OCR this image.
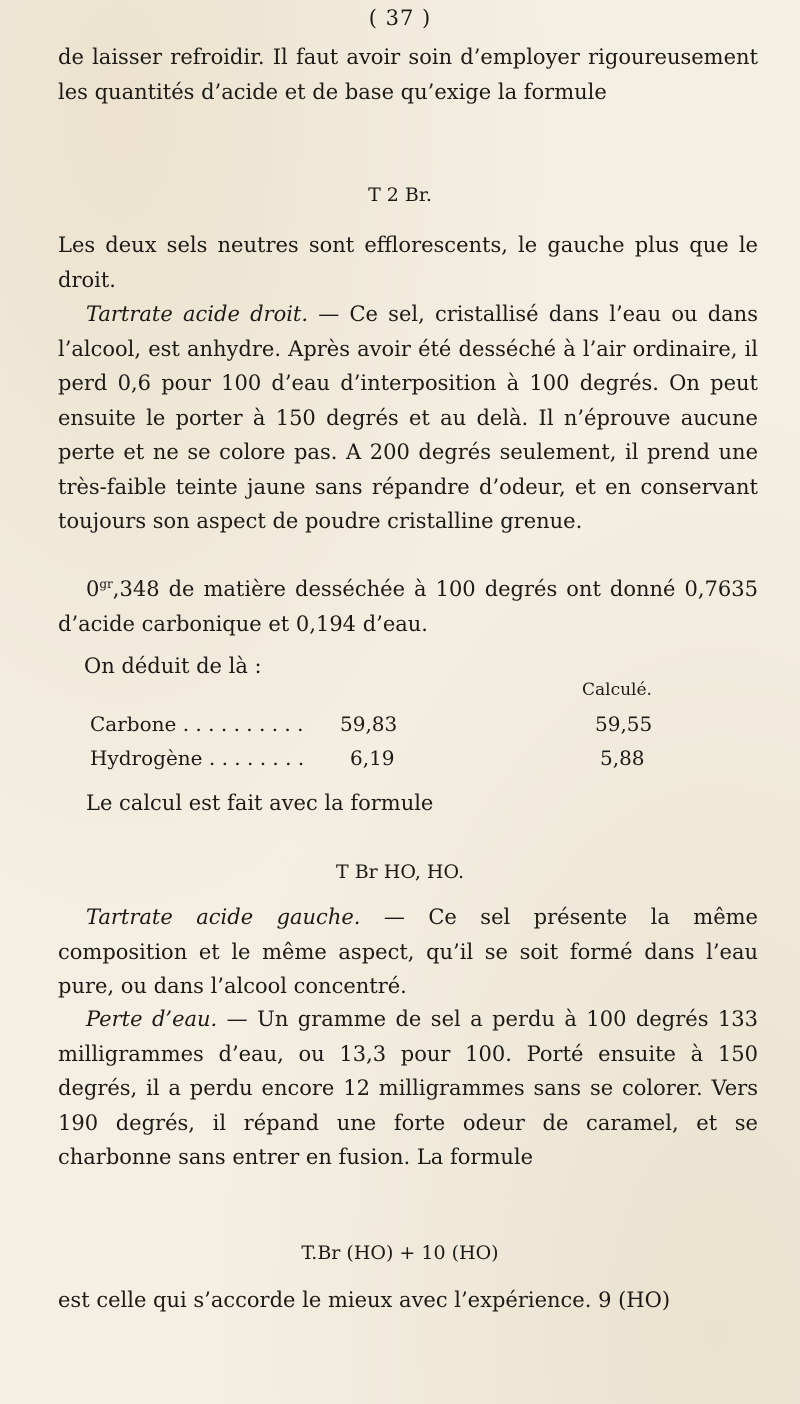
( 37 )

de laisser refroidir. Il faut avoir soin d’employer rigoureusement les quantités d’acide et de base qu’exige la formule

T 2 Br.

Les deux sels neutres sont efflorescents, le gauche plus que le droit.

Tartrate acide droit. — Ce sel, cristallisé dans l’eau ou dans l’alcool, est anhydre. Après avoir été desséché à l’air ordinaire, il perd 0,6 pour 100 d’eau d’interposition à 100 degrés. On peut ensuite le porter à 150 degrés et au delà. Il n’éprouve aucune perte et ne se colore pas. A 200 degrés seulement, il prend une très-faible teinte jaune sans répandre d’odeur, et en conservant toujours son aspect de poudre cristalline grenue.

$0^{gr},348$ de matière desséchée à 100 degrés ont donné 0,7635 d’acide carbonique et 0,194 d’eau.

On déduit de là :
Calculé.
Carbone . . . . . . . . . . 59,83	59,55
Hydrogène . . . . . . . . 6,19	5,88

Le calcul est fait avec la formule

T Br HO, HO.

Tartrate acide gauche. — Ce sel présente la même composition et le même aspect, qu’il se soit formé dans l’eau pure, ou dans l’alcool concentré.

Perte d’eau. — Un gramme de sel a perdu à 100 degrés 133 milligrammes d’eau, ou 13,3 pour 100. Porté ensuite à 150 degrés, il a perdu encore 12 milligrammes sans se colorer. Vers 190 degrés, il répand une forte odeur de caramel, et se charbonne sans entrer en fusion. La formule

T.Br (HO) + 10 (HO)

est celle qui s’accorde le mieux avec l’expérience. 9 (HO)
